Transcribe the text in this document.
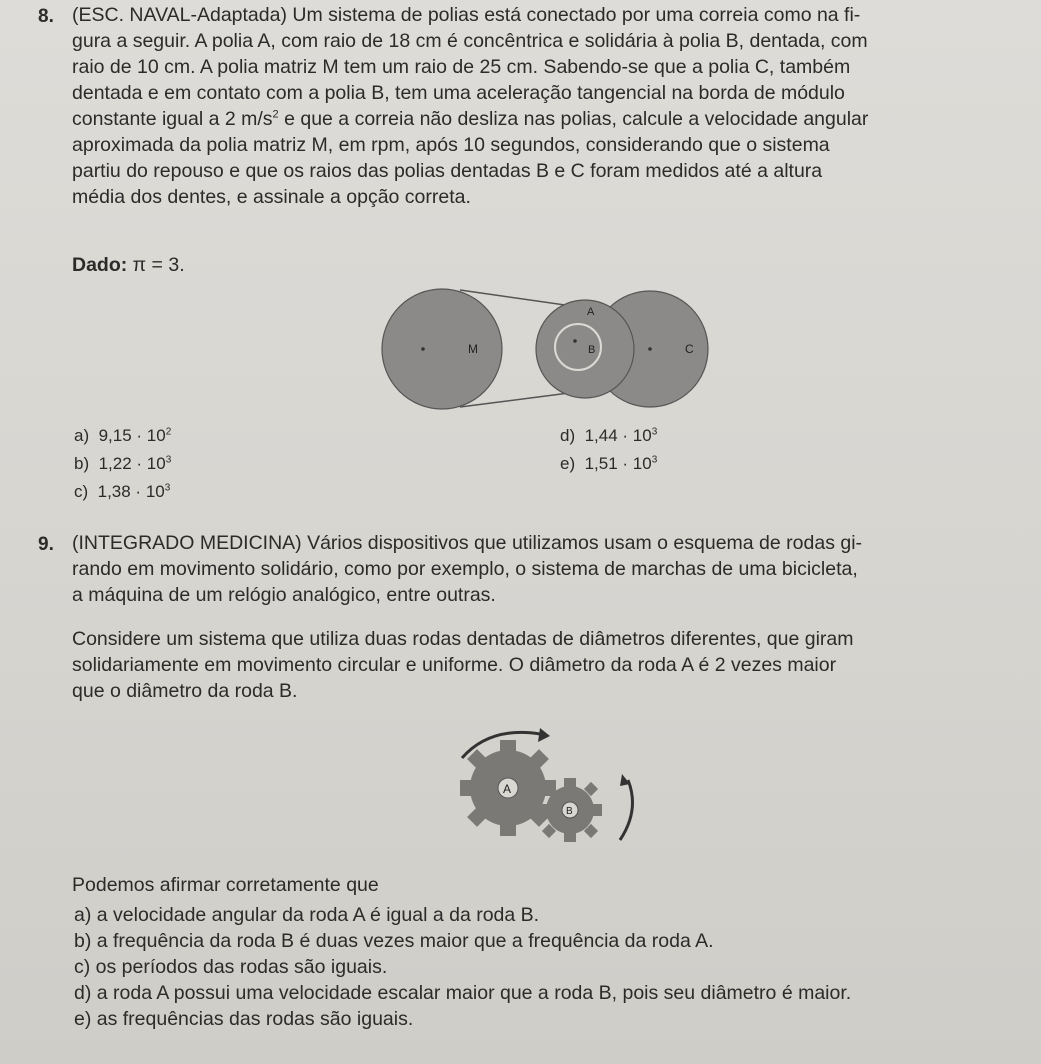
8. (ESC. NAVAL-Adaptada) Um sistema de polias está conectado por uma correia como na fi-
gura a seguir. A polia A, com raio de 18 cm é concêntrica e solidária à polia B, dentada, com
raio de 10 cm. A polia matriz M tem um raio de 25 cm. Sabendo-se que a polia C, também
dentada e em contato com a polia B, tem uma aceleração tangencial na borda de módulo
constante igual a 2 $m/s^2$ e que a correia não desliza nas polias, calcule a velocidade angular
aproximada da polia matriz M, em rpm, após 10 segundos, considerando que o sistema
partiu do repouso e que os raios das polias dentadas B e C foram medidos até a altura
média dos dentes, e assinale a opção correta.
Dado: π = 3.
M	C
A
B
a) $9,15 \cdot 10^2$
b) $1,22 \cdot 10^3$
c) $1,38 \cdot 10^3$
d) $1,44 \cdot 10^3$
e) $1,51 \cdot 10^3$
9. (INTEGRADO MEDICINA) Vários dispositivos que utilizamos usam o esquema de rodas gi-
rando em movimento solidário, como por exemplo, o sistema de marchas de uma bicicleta,
a máquina de um relógio analógico, entre outras.
Considere um sistema que utiliza duas rodas dentadas de diâmetros diferentes, que giram
solidariamente em movimento circular e uniforme. O diâmetro da roda A é 2 vezes maior
que o diâmetro da roda B.
A
B
Podemos afirmar corretamente que
a) a velocidade angular da roda A é igual a da roda B.
b) a frequência da roda B é duas vezes maior que a frequência da roda A.
c) os períodos das rodas são iguais.
d) a roda A possui uma velocidade escalar maior que a roda B, pois seu diâmetro é maior.
e) as frequências das rodas são iguais.
